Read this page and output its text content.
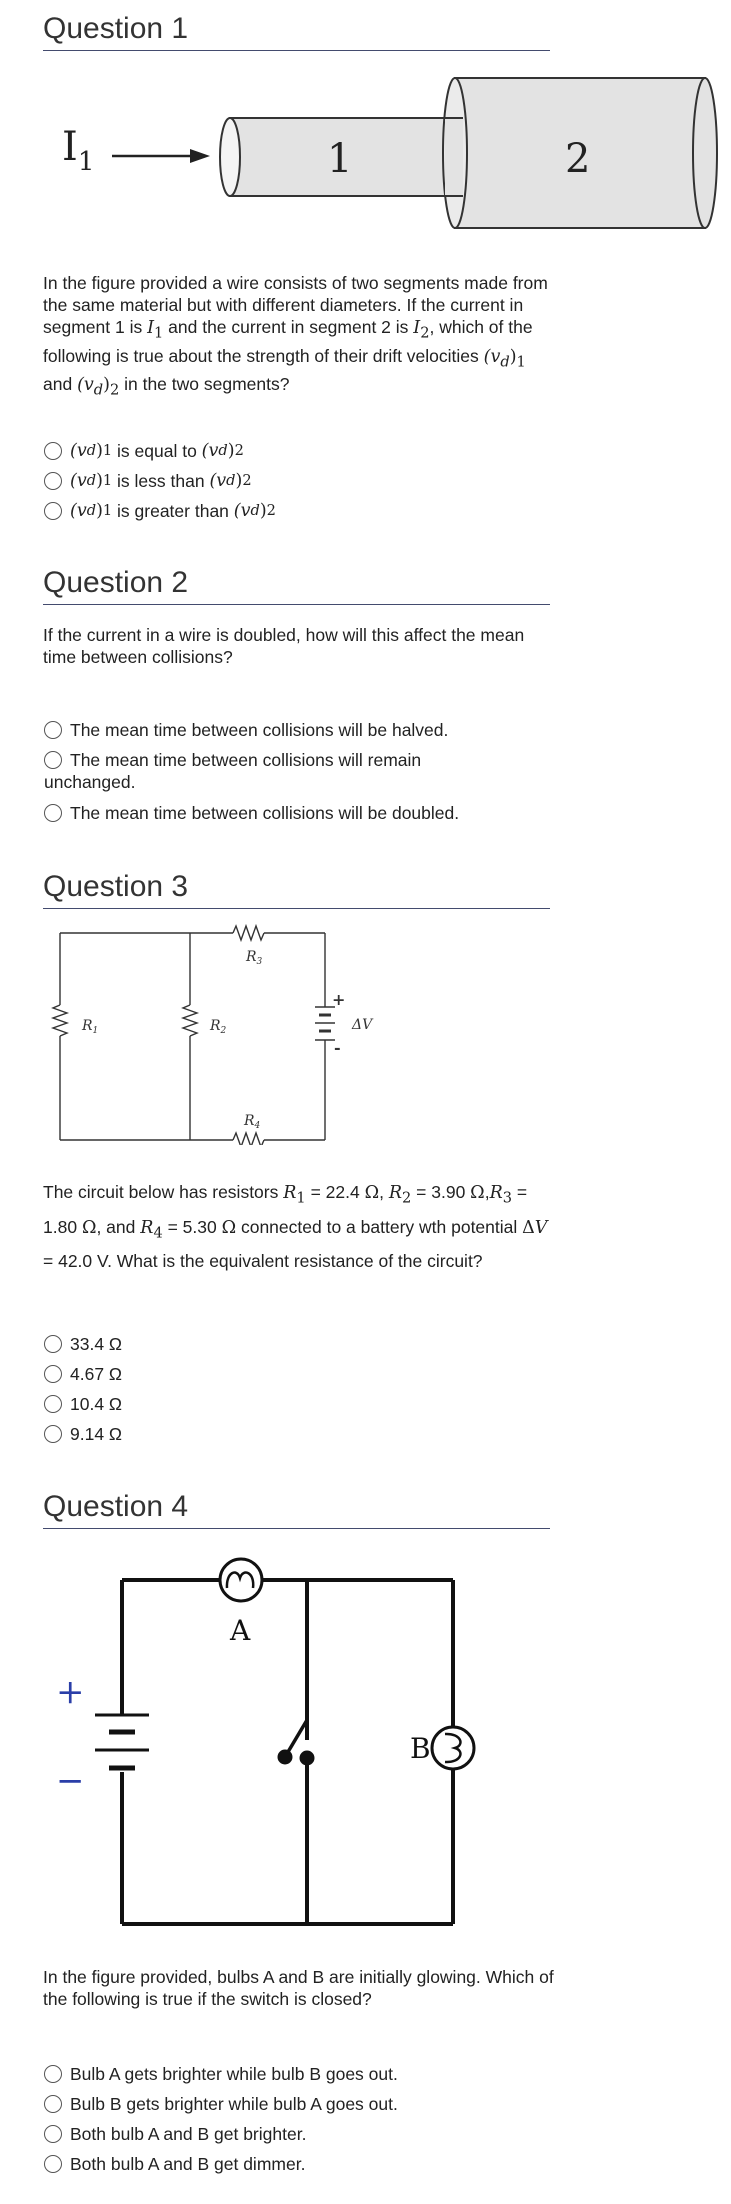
Question 1
$I_1$	1	2
In the figure provided a wire consists of two segments made from the same material but with different diameters. If the current in segment 1 is $I_1$ and the current in segment 2 is $I_2$, which of the following is true about the strength of their drift velocities $(v_d)_1$ and $(v_d)_2$ in the two segments?
(v d ) 1 is equal to (v d ) 2
(v d ) 1 is less than (v d ) 2
(v d ) 1 is greater than (v d ) 2
Question 2
If the current in a wire is doubled, how will this affect the mean time between collisions?
The mean time between collisions will be halved.
The mean time between collisions will remain unchanged.
The mean time between collisions will be doubled.
Question 3
+
-
$R_1$	$R_2$
$R_3$
$R_4$
ΔV
The circuit below has resistors $R_1 = 22.4$ Ω, $R_2 = 3.90$ $\Omega,R_3 = 1.80$ Ω, and $R_4 = 5.30$ Ω connected to a battery wth potential ΔV = 42.0 V. What is the equivalent resistance of the circuit?
33.4 Ω
4.67 Ω
10.4 Ω
9.14 Ω
Question 4
+
−
A
B
In the figure provided, bulbs A and B are initially glowing. Which of the following is true if the switch is closed?
Bulb A gets brighter while bulb B goes out.
Bulb B gets brighter while bulb A goes out.
Both bulb A and B get brighter.
Both bulb A and B get dimmer.
